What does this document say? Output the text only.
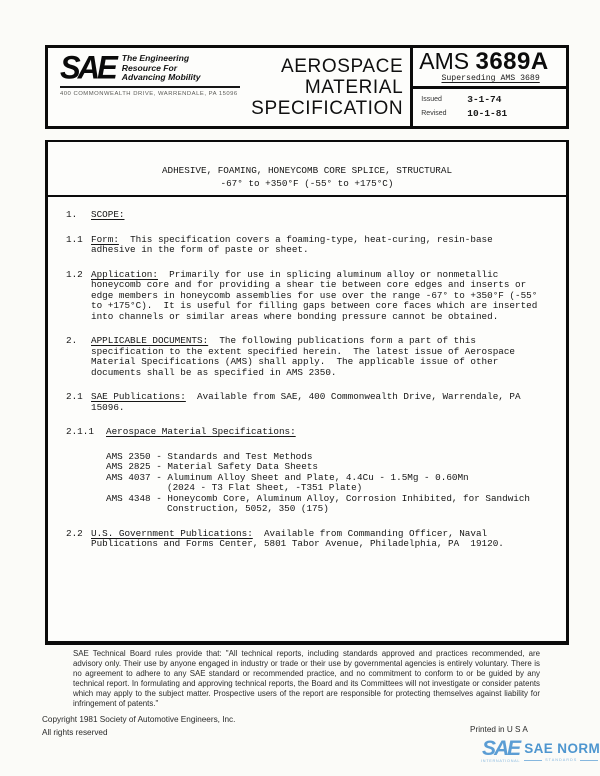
SAE The Engineering
Resource For
Advancing Mobility
400 COMMONWEALTH DRIVE, WARRENDALE, PA 15096
AEROSPACE
MATERIAL
SPECIFICATION
AMS 3689A
Superseding AMS 3689
Issued	3-1-74
Revised	10-1-81
ADHESIVE, FOAMING, HONEYCOMB CORE SPLICE, STRUCTURAL
-67° to +350°F (-55° to +175°C)
1.	SCOPE:
1.1 Form:  This specification covers a foaming-type, heat-curing, resin-base adhesive in the form of paste or sheet.
1.2 Application:  Primarily for use in splicing aluminum alloy or nonmetallic honeycomb core and for providing a shear tie between core edges and inserts or edge members in honeycomb assemblies for use over the range -67° to +350°F (-55° to +175°C).  It is useful for filling gaps between core faces which are inserted into channels or similar areas where bonding pressure cannot be obtained.
2.	APPLICABLE DOCUMENTS:  The following publications form a part of this specification to the extent specified herein.  The latest issue of Aerospace Material Specifications (AMS) shall apply.  The applicable issue of other documents shall be as specified in AMS 2350.
2.1 SAE Publications:  Available from SAE, 400 Commonwealth Drive, Warrendale, PA 15096.
2.1.1	Aerospace Material Specifications:
AMS 2350 - Standards and Test Methods
AMS 2825 - Material Safety Data Sheets
AMS 4037 - Aluminum Alloy Sheet and Plate, 4.4Cu - 1.5Mg - 0.60Mn
(2024 - T3 Flat Sheet, -T351 Plate)
AMS 4348 - Honeycomb Core, Aluminum Alloy, Corrosion Inhibited, for Sandwich
Construction, 5052, 350 (175)
2.2 U.S. Government Publications:  Available from Commanding Officer, Naval Publications and Forms Center, 5801 Tabor Avenue, Philadelphia, PA  19120.
SAE Technical Board rules provide that: "All technical reports, including standards approved and practices recommended, are advisory only. Their use by anyone engaged in industry or trade or their use by governmental agencies is entirely voluntary. There is no agreement to adhere to any SAE standard or recommended practice, and no commitment to conform to or be guided by any technical report. In formulating and approving technical reports, the Board and its Committees will not investigate or consider patents which may apply to the subject matter. Prospective users of the report are responsible for protecting themselves against liability for infringement of patents."
Copyright 1981 Society of Automotive Engineers, Inc.
All rights reserved	Printed in U S A
SAE
INTERNATIONAL
SAE NORM
STANDARDS
